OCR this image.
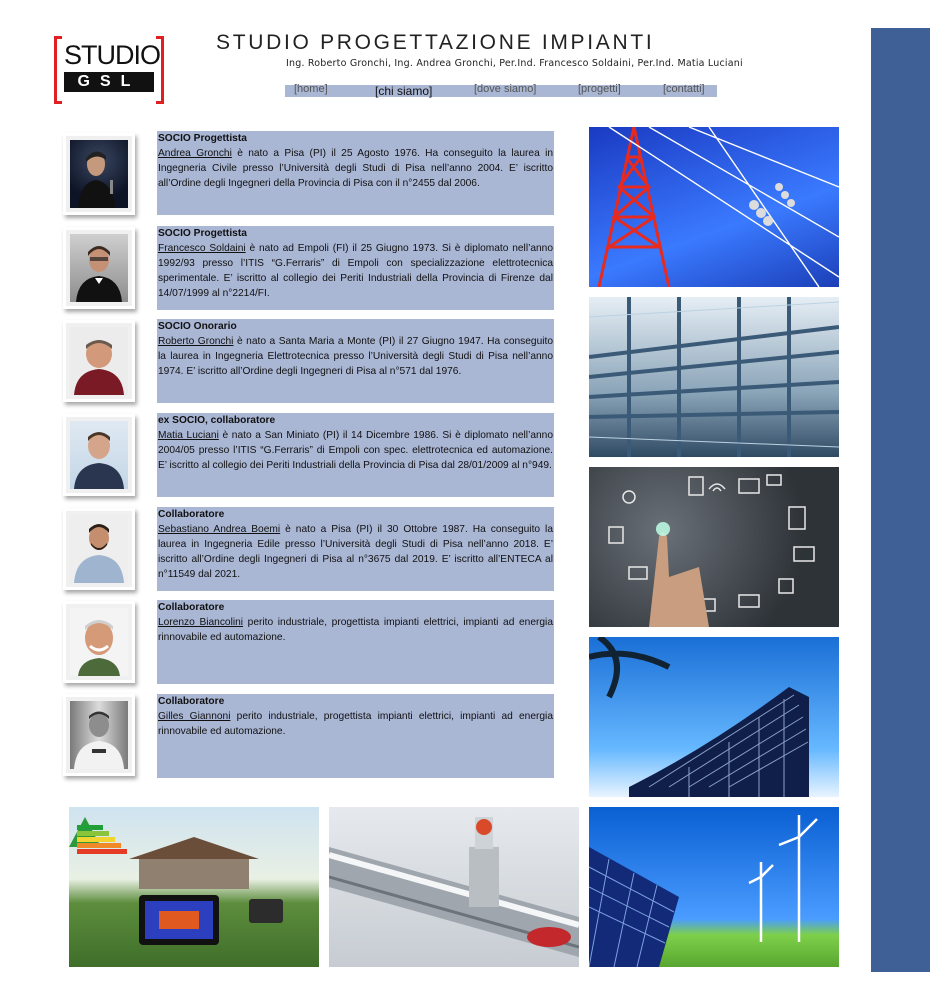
STUDIO
GSL
STUDIO PROGETTAZIONE IMPIANTI
Ing. Roberto Gronchi, Ing. Andrea Gronchi, Per.Ind. Francesco Soldaini, Per.Ind. Matia Luciani
[home]	[chi siamo]	[dove siamo]	[progetti]	[contatti]
SOCIO Progettista
Andrea Gronchi è nato a Pisa (PI) il 25 Agosto 1976. Ha conseguito la laurea in Ingegneria Civile presso l’Università degli Studi di Pisa nell’anno 2004. E’ iscritto all’Ordine degli Ingegneri della Provincia di Pisa con il n°2455 dal 2006.
SOCIO Progettista
Francesco Soldaini è nato ad Empoli (FI) il 25 Giugno 1973. Si è diplomato nell’anno 1992/93 presso l’ITIS “G.Ferraris” di Empoli con specializzazione elettrotecnica sperimentale. E’ iscritto al collegio dei Periti Industriali della Provincia di Firenze dal 14/07/1999 al n°2214/FI.
SOCIO Onorario
Roberto Gronchi è nato a Santa Maria a Monte (PI) il 27 Giugno 1947. Ha conseguito la laurea in Ingegneria Elettrotecnica presso l’Università degli Studi di Pisa nell’anno 1974. E’ iscritto all’Ordine degli Ingegneri di Pisa al n°571 dal 1976.
ex SOCIO, collaboratore
Matia Luciani è nato a San Miniato (PI) il 14 Dicembre 1986. Si è diplomato nell’anno 2004/05 presso l’ITIS “G.Ferraris” di Empoli con spec. elettrotecnica ed automazione. E’ iscritto al collegio dei Periti Industriali della Provincia di Pisa dal 28/01/2009 al n°949.
Collaboratore
Sebastiano Andrea Boemi è nato a Pisa (PI) il 30 Ottobre 1987. Ha conseguito la laurea in Ingegneria Edile presso l’Università degli Studi di Pisa nell’anno 2018. E’ iscritto all’Ordine degli Ingegneri di Pisa al n°3675 dal 2019. E’ iscritto all’ENTECA al n°11549 dal 2021.
Collaboratore
Lorenzo Biancolini perito industriale, progettista impianti elettrici, impianti ad energia rinnovabile ed automazione.
Collaboratore
Gilles Giannoni perito industriale, progettista impianti elettrici, impianti ad energia rinnovabile ed automazione.
